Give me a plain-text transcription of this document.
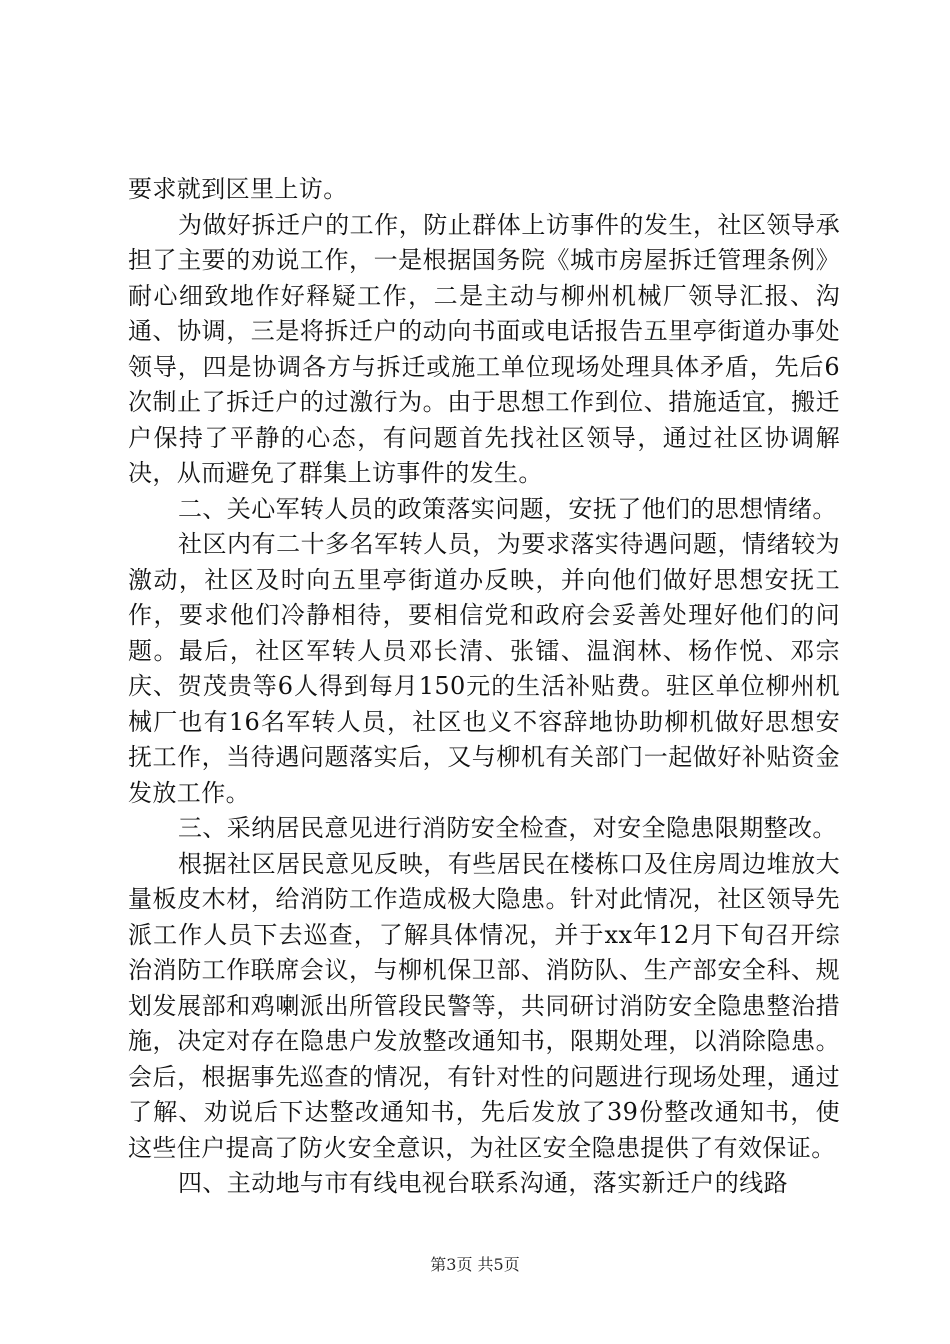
要求就到区里上访。

为做好拆迁户的工作，防止群体上访事件的发生，社区领导承担了主要的劝说工作，一是根据国务院《城市房屋拆迁管理条例》耐心细致地作好释疑工作，二是主动与柳州机械厂领导汇报、沟通、协调，三是将拆迁户的动向书面或电话报告五里亭街道办事处领导，四是协调各方与拆迁或施工单位现场处理具体矛盾，先后6次制止了拆迁户的过激行为。由于思想工作到位、措施适宜，搬迁户保持了平静的心态，有问题首先找社区领导，通过社区协调解决，从而避免了群集上访事件的发生。

二、关心军转人员的政策落实问题，安抚了他们的思想情绪。

社区内有二十多名军转人员，为要求落实待遇问题，情绪较为激动，社区及时向五里亭街道办反映，并向他们做好思想安抚工作，要求他们冷静相待，要相信党和政府会妥善处理好他们的问题。最后，社区军转人员邓长清、张镭、温润林、杨作悦、邓宗庆、贺茂贵等6人得到每月150元的生活补贴费。驻区单位柳州机械厂也有16名军转人员，社区也义不容辞地协助柳机做好思想安抚工作，当待遇问题落实后，又与柳机有关部门一起做好补贴资金发放工作。

三、采纳居民意见进行消防安全检查，对安全隐患限期整改。

根据社区居民意见反映，有些居民在楼栋口及住房周边堆放大量板皮木材，给消防工作造成极大隐患。针对此情况，社区领导先派工作人员下去巡查，了解具体情况，并于xx年12月下旬召开综治消防工作联席会议，与柳机保卫部、消防队、生产部安全科、规划发展部和鸡喇派出所管段民警等，共同研讨消防安全隐患整治措施，决定对存在隐患户发放整改通知书，限期处理，以消除隐患。会后，根据事先巡查的情况，有针对性的问题进行现场处理，通过了解、劝说后下达整改通知书，先后发放了39份整改通知书，使这些住户提高了防火安全意识，为社区安全隐患提供了有效保证。

四、主动地与市有线电视台联系沟通，落实新迁户的线路

第3页 共5页
